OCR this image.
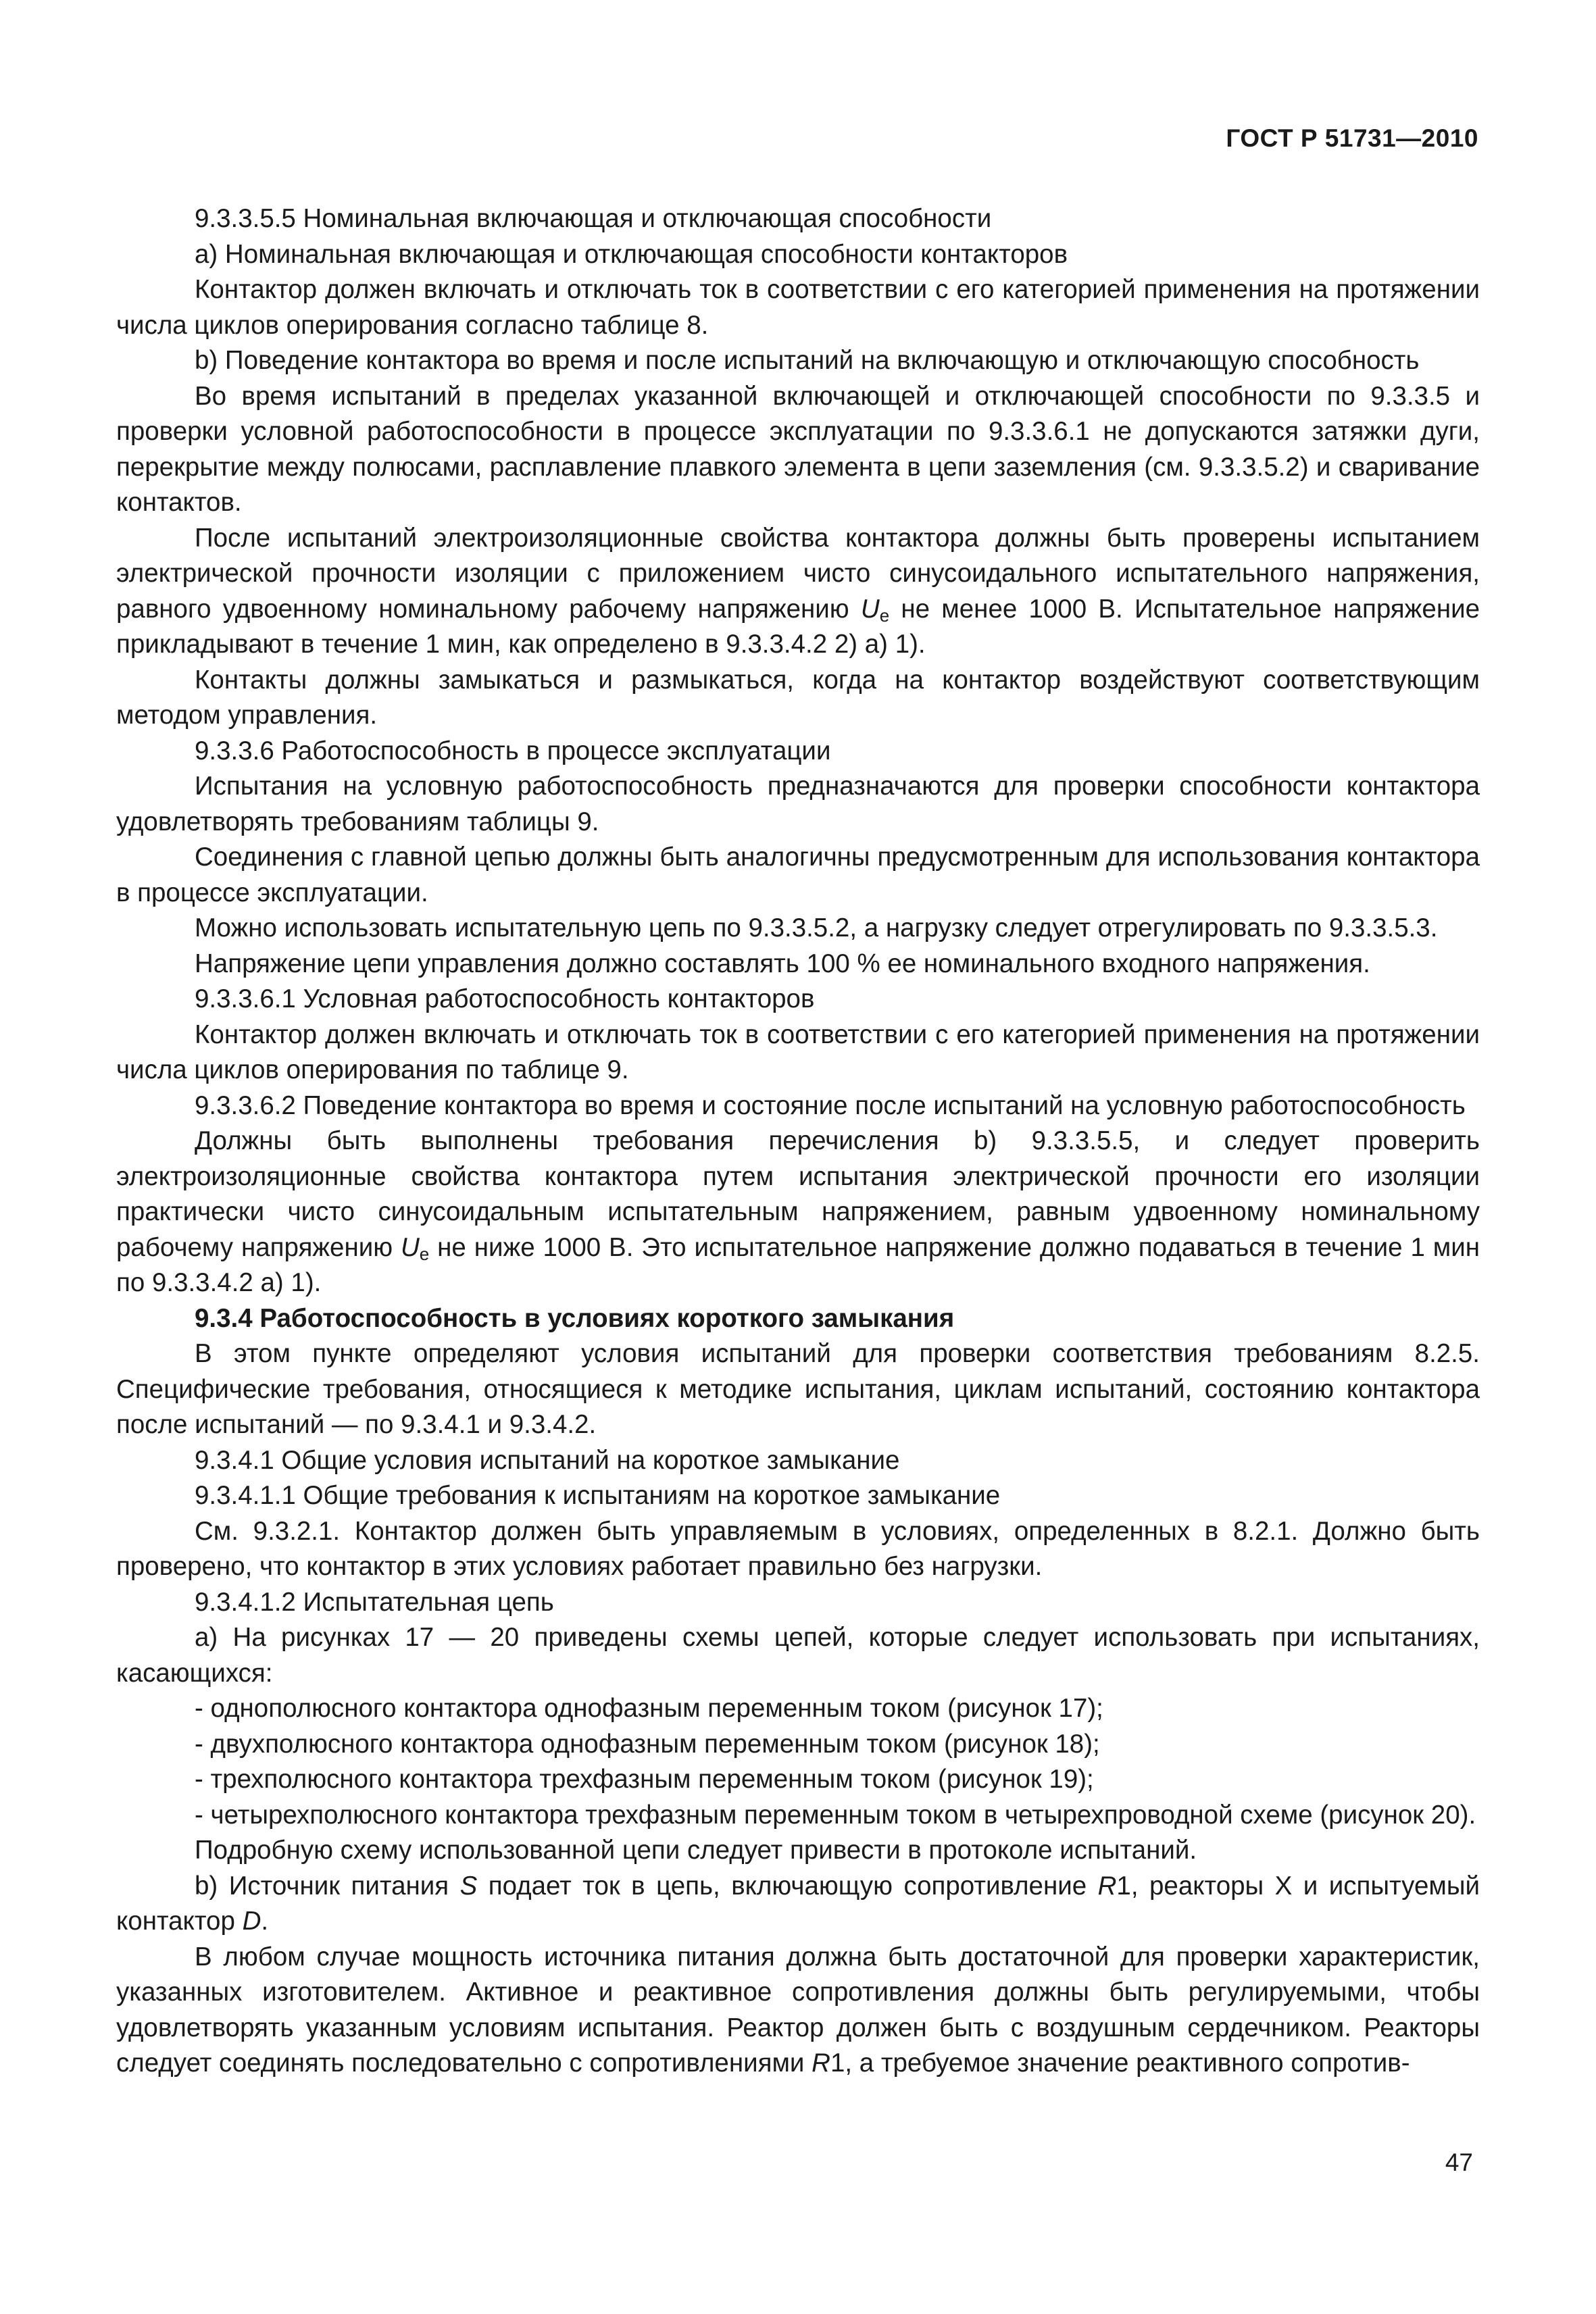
ГОСТ Р 51731—2010

9.3.3.5.5 Номинальная включающая и отключающая способности

а) Номинальная включающая и отключающая способности контакторов

Контактор должен включать и отключать ток в соответствии с его категорией применения на протяжении числа циклов оперирования согласно таблице 8.

b) Поведение контактора во время и после испытаний на включающую и отключающую способность

Во время испытаний в пределах указанной включающей и отключающей способности по 9.3.3.5 и проверки условной работоспособности в процессе эксплуатации по 9.3.3.6.1 не допускаются затяжки дуги, перекрытие между полюсами, расплавление плавкого элемента в цепи заземления (см. 9.3.3.5.2) и сваривание контактов.

После испытаний электроизоляционные свойства контактора должны быть проверены испытанием электрической прочности изоляции с приложением чисто синусоидального испытательного напряжения, равного удвоенному номинальному рабочему напряжению $U_e$ не менее 1000 В. Испытательное напряжение прикладывают в течение 1 мин, как определено в 9.3.3.4.2 2) а) 1).

Контакты должны замыкаться и размыкаться, когда на контактор воздействуют соответствующим методом управления.

9.3.3.6 Работоспособность в процессе эксплуатации

Испытания на условную работоспособность предназначаются для проверки способности контактора удовлетворять требованиям таблицы 9.

Соединения с главной цепью должны быть аналогичны предусмотренным для использования контактора в процессе эксплуатации.

Можно использовать испытательную цепь по 9.3.3.5.2, а нагрузку следует отрегулировать по 9.3.3.5.3.

Напряжение цепи управления должно составлять 100 % ее номинального входного напряжения.

9.3.3.6.1 Условная работоспособность контакторов

Контактор должен включать и отключать ток в соответствии с его категорией применения на протяжении числа циклов оперирования по таблице 9.

9.3.3.6.2 Поведение контактора во время и состояние после испытаний на условную работоспособность

Должны быть выполнены требования перечисления b) 9.3.3.5.5, и следует проверить электроизоляционные свойства контактора путем испытания электрической прочности его изоляции практически чисто синусоидальным испытательным напряжением, равным удвоенному номинальному рабочему напряжению $U_e$ не ниже 1000 В. Это испытательное напряжение должно подаваться в течение 1 мин по 9.3.3.4.2 а) 1).

9.3.4 Работоспособность в условиях короткого замыкания

В этом пункте определяют условия испытаний для проверки соответствия требованиям 8.2.5. Специфические требования, относящиеся к методике испытания, циклам испытаний, состоянию контактора после испытаний — по 9.3.4.1 и 9.3.4.2.

9.3.4.1 Общие условия испытаний на короткое замыкание

9.3.4.1.1 Общие требования к испытаниям на короткое замыкание

См. 9.3.2.1. Контактор должен быть управляемым в условиях, определенных в 8.2.1. Должно быть проверено, что контактор в этих условиях работает правильно без нагрузки.

9.3.4.1.2 Испытательная цепь

а) На рисунках 17 — 20 приведены схемы цепей, которые следует использовать при испытаниях, касающихся:

- однополюсного контактора однофазным переменным током (рисунок 17);

- двухполюсного контактора однофазным переменным током (рисунок 18);

- трехполюсного контактора трехфазным переменным током (рисунок 19);

- четырехполюсного контактора трехфазным переменным током в четырехпроводной схеме (рисунок 20).

Подробную схему использованной цепи следует привести в протоколе испытаний.

b) Источник питания S подает ток в цепь, включающую сопротивление R1, реакторы X и испытуемый контактор D.

В любом случае мощность источника питания должна быть достаточной для проверки характеристик, указанных изготовителем. Активное и реактивное сопротивления должны быть регулируемыми, чтобы удовлетворять указанным условиям испытания. Реактор должен быть с воздушным сердечником. Реакторы следует соединять последовательно с сопротивлениями R1, а требуемое значение реактивного сопротив-

47
